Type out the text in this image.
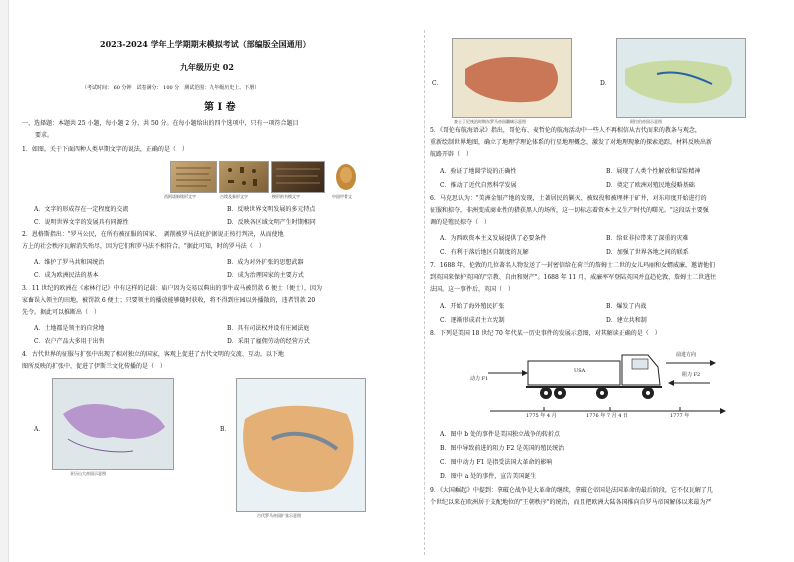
2023-2024 学年上学期期末模拟考试（部编版全国通用）
九年级历史 02
（考试时间： 60 分钟　试卷满分： 100 分　测试范围：九年级历史上、下册）
第 I 卷
一、选择题：本题共 25 小题，每小题 2 分，共 50 分。在每小题给出的四个选项中，只有一项符合题目
要求。
1．如图。关于下面四种人类早期文字的说法，正确的是（　）
西阿诺姆铭形文字	古埃及象形文字	楔形的书楔文字	中国甲骨文
A．文字的形成存在一定程度的交流	B．反映世界文明发展的多元特点
C．说明世界文字的发展具有同源性	D．反映各区域文明产生时期相同
2．恩格斯指出："罗马公民，在所有被征服的国家、　剥削被罗马法庇护据说正按行判决，从而使地
方上的社会秩序瓦解消失殆尽，因为它们和罗马法不相符合。"据此可知，时的罗马法（　）
A．维护了罗马共和国统治	B．成为对外扩张的思想武器
C．成为欧洲民法的基本	D．成为治理国家的主要方式
3．11 世纪的欧洲在《索林行记》中有这样的记载：庙户因为交易以典出的事牛或马被罚款 6 便士（便士），因为
家畜误入领主的田地，被罚款 6 便士；只要领主的播放能够随时获收，将不得到庄园以外播散的，违者罚款 20
先令。据此可以推断出（　）
A．土地都是领主的自营地	B．具有司法权并设有庄园法庭
C．农户产品大多用于出售	D．采用了雇佣劳动的经营方式
4．古代世界的征服与扩张中出现了相对独立的国家，客观上促进了古代文明的交流、互动。以下地
图所反映的扩张中，促进了伊斯兰文化传播的是（　）
A．
亚历山大帝国示意图
B．
古代罗马帝国扩张示意图
C．
查士丁尼统治时期东罗马帝国疆域示意图
D．
阿拉伯帝国示意图
5．《哥伦布航海语录》指出，哥伦布、麦哲伦的航海活动中一些人不再相信从古代而来的教条与观念，
重新绘制世界地图，确立了地理学理论体系的行星地理概念，激发了对地理现象的探索追踪。材料反映出新
航路开辟（　）
A．验证了地圆学说的正确性	B．展现了人类个性解放和冒险精神
C．推动了近代自然科学发展	D．奠定了欧洲对殖民地侵略基础
6．马克思认为："美洲金银产地的发现，土著居民的剿灭、被奴役和被埋葬于矿井，对东印度开始进行的
征服和掠夺，非洲变成商业性的猎获黑人的场所，这一切标志着资本主义生产时代的曙光。"这段话主要强
调的是殖民掠夺（　）
A．为西欧资本主义发展提供了必要条件	B．给亚非拉带来了深重的灾难
C．有利于落后地区自制度的瓦解	D．加强了世界各地之间的联系
7．1688 年，伦敦的几位著名人物发送了一封密信给在荷兰的詹姆士二世的女儿玛丽和女婿威廉，邀请他们
到英国来保护英国的"宗教、自由和财产"。1688 年 11 月，威廉率军登陆英国并直趋伦敦，詹姆士二世逃往
法国。这一事件后，英国（　）
A．开始了海外殖民扩张	B．爆发了内战
C．逐渐形成君主立宪制	D．建立共和制
8．下列是美国 18 世纪 70 年代某一历史事件的发展示意图，对其解读正确的是（　）
USA
前进方向
动力 F1
阻力 F2
1775 年 4 月	1776 年 7 月 4 日	1777 年
A．图中 b 处的事件是美国独立战争的转折点
B．图中导致前进的阻力 F2 是英国的殖民统治
C．图中动力 F1 是指受法国大革命的影响
D．图中 a 处的事件，宣告美国诞生
9．《大国崛起》中提到：拿破仑战争是大革命的继续，拿破仑帝国是法国革命的最后阶段，它不仅瓦解了几
个世纪以来在欧洲居于支配地位的"王朝秩序"的统治，而且把欧洲大陆各国推向自罗马帝国解体以来最为严
